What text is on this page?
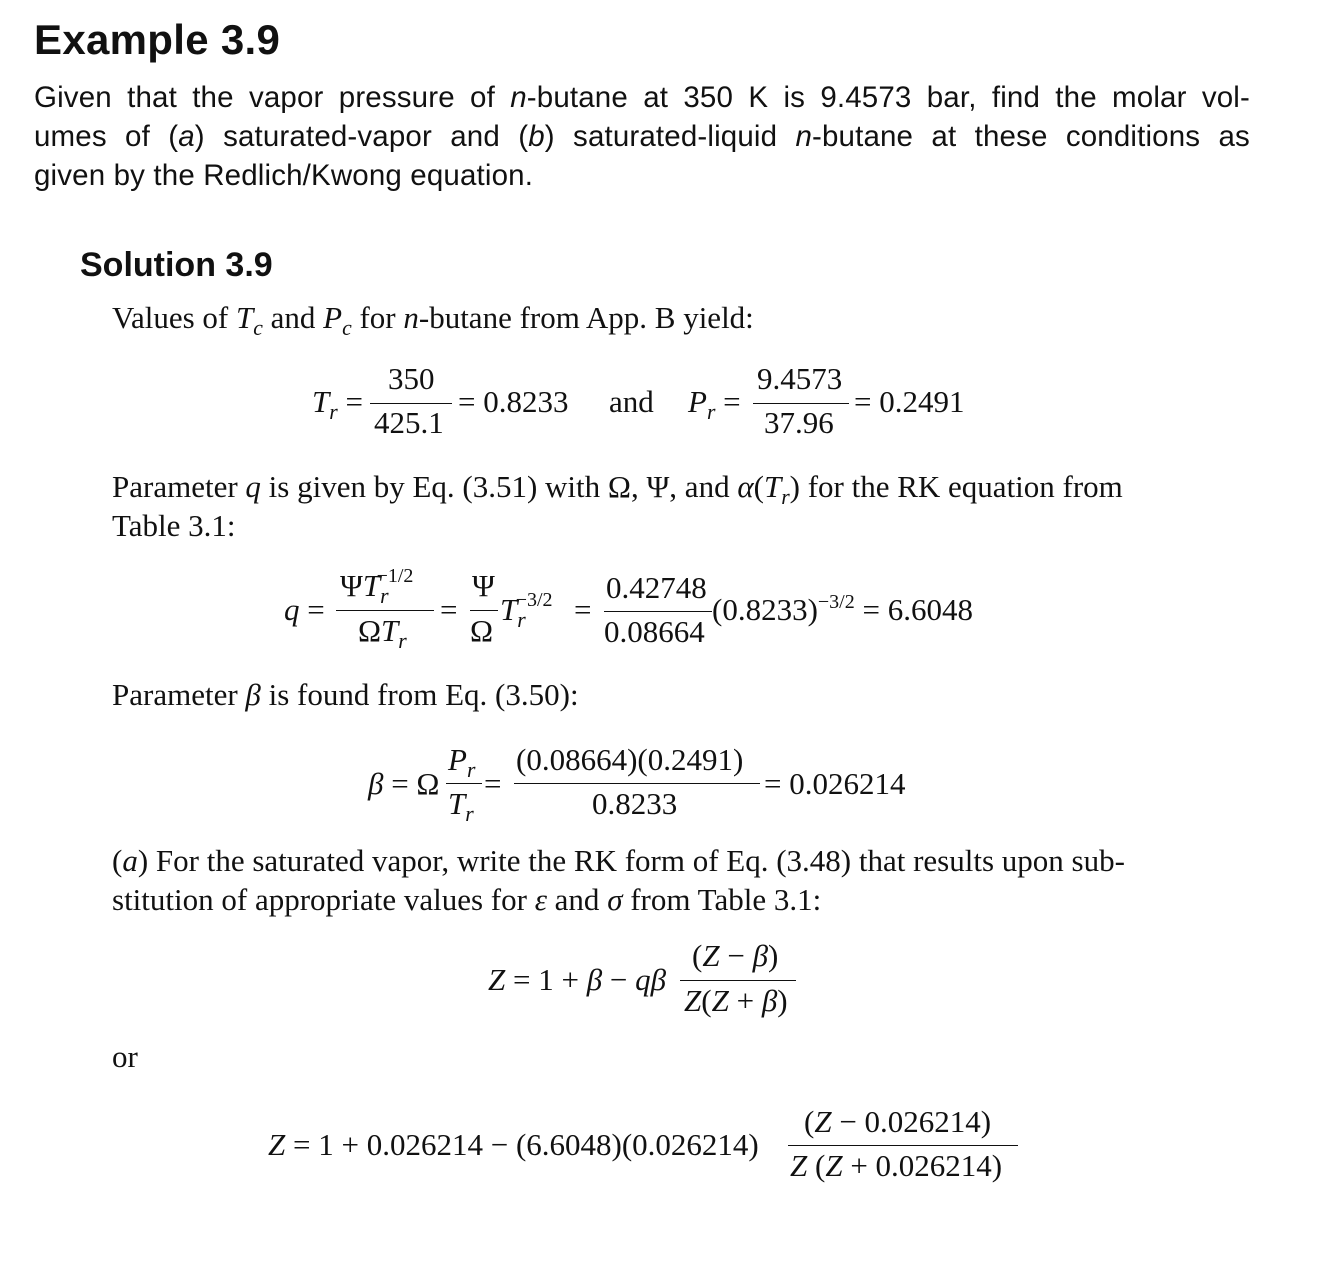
Example 3.9
Given that the vapor pressure of n-butane at 350 K is 9.4573 bar, find the molar vol-
umes of (a) saturated-vapor and (b) saturated-liquid n-butane at these conditions as
given by the Redlich/Kwong equation.
Solution 3.9
Values of $T_c$ and $P_c$ for n-butane from App. B yield:
$T_r$ =
350
425.1
= 0.8233 and $P_r$ =
9.4573
37.96
= 0.2491
Parameter q is given by Eq. (3.51) with Ω, Ψ, and $\alpha(T_r)$ for the RK equation from
Table 3.1:
q =
$\Psi T_r^{-1/2}$
$\Omega T_r$
=
Ψ
Ω
$T_r^{-3/2}$ =
0.42748
0.08664
$(0.8233)^{-3/2} = 6.6048$
Parameter β is found from Eq. (3.50):
β = Ω
$P_r$
$T_r$
=
(0.08664)(0.2491)
0.8233
= 0.026214
(a) For the saturated vapor, write the RK form of Eq. (3.48) that results upon sub-
stitution of appropriate values for ε and σ from Table 3.1:
Z = 1 + β − qβ
(Z − β)
Z(Z + β)
or
Z = 1 + 0.026214 − (6.6048)(0.026214)
(Z − 0.026214)
Z (Z + 0.026214)
